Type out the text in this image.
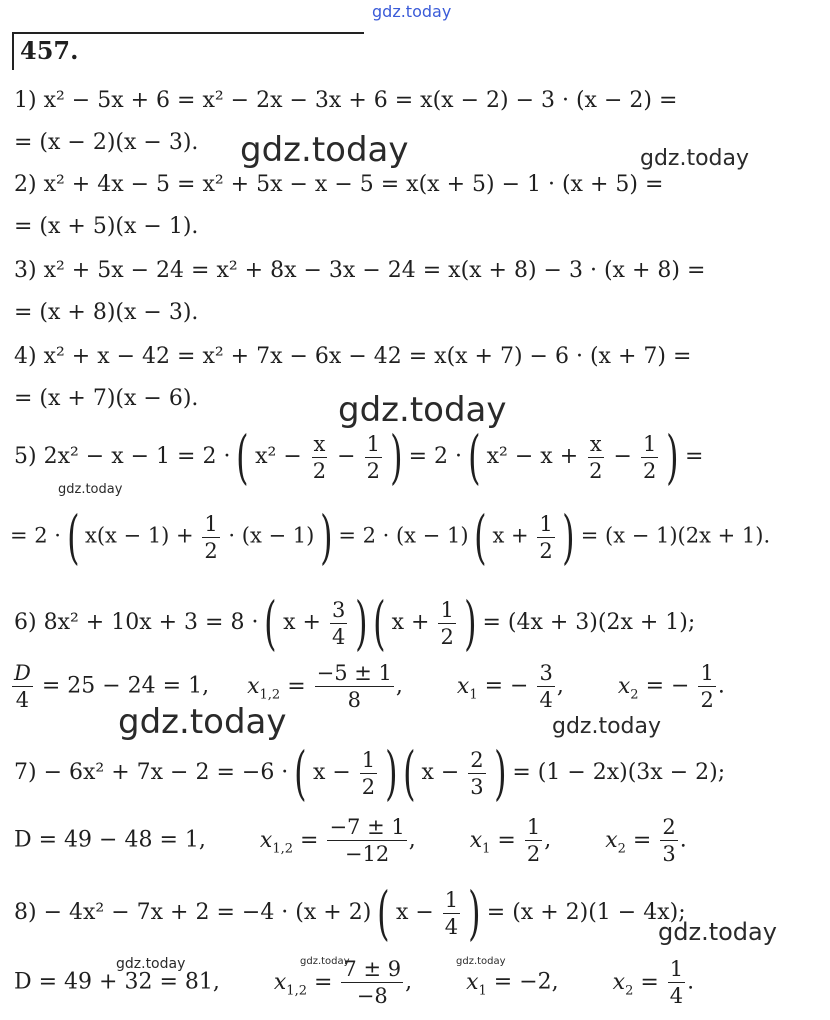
gdz.today
gdz.today	gdz.today
gdz.today
gdz.today
gdz.today	gdz.today
gdz.today
gdz.today	gdz.today	gdz.today
457.
1) x² − 5x + 6 = x² − 2x − 3x + 6 = x(x − 2) − 3 · (x − 2) =
= (x − 2)(x − 3).
2) x² + 4x − 5 = x² + 5x − x − 5 = x(x + 5) − 1 · (x + 5) =
= (x + 5)(x − 1).
3) x² + 5x − 24 = x² + 8x − 3x − 24 = x(x + 8) − 3 · (x + 8) =
= (x + 8)(x − 3).
4) x² + x − 42 = x² + 7x − 6x − 42 = x(x + 7) − 6 · (x + 7) =
= (x + 7)(x − 6).
5) 2x² − x − 1 = 2 · ( $x^2 - \frac{x}{2} - \frac{1}{2}$ ) = 2 · ( $x^2 - x + \frac{x}{2} - \frac{1}{2}$ ) =
= 2 · ( $x(x - 1) + \frac{1}{2} \cdot (x - 1)$ ) = 2 · (x − 1) ( $x + \frac{1}{2}$ ) = (x − 1)(2x + 1).
6) 8x² + 10x + 3 = 8 · ( $x + \frac{3}{4}$ ) ( $x + \frac{1}{2}$ ) = (4x + 3)(2x + 1);
$\frac{D}{4} = 25 - 24 = 1$, $x_{1,2} = \frac{-5 \pm 1}{8}$ , $x_1$ = − $\frac{3}{4}$ , $x_2$ = − $\frac{1}{2}$ .
7) − 6x² + 7x − 2 = −6 · ( $x - \frac{1}{2}$ ) ( $x - \frac{2}{3}$ ) = (1 − 2x)(3x − 2);
D = 49 − 48 = 1, $x_{1,2} = \frac{-7 \pm 1}{-12}$ , $x_1 = \frac{1}{2}$ , $x_2 = \frac{2}{3}$ .
8) − 4x² − 7x + 2 = −4 · (x + 2) ( $x - \frac{1}{4}$ ) = (x + 2)(1 − 4x);
D = 49 + 32 = 81, $x_{1,2} = \frac{7 \pm 9}{-8}$ , $x_1 = -2$, $x_2 = \frac{1}{4}$ .
